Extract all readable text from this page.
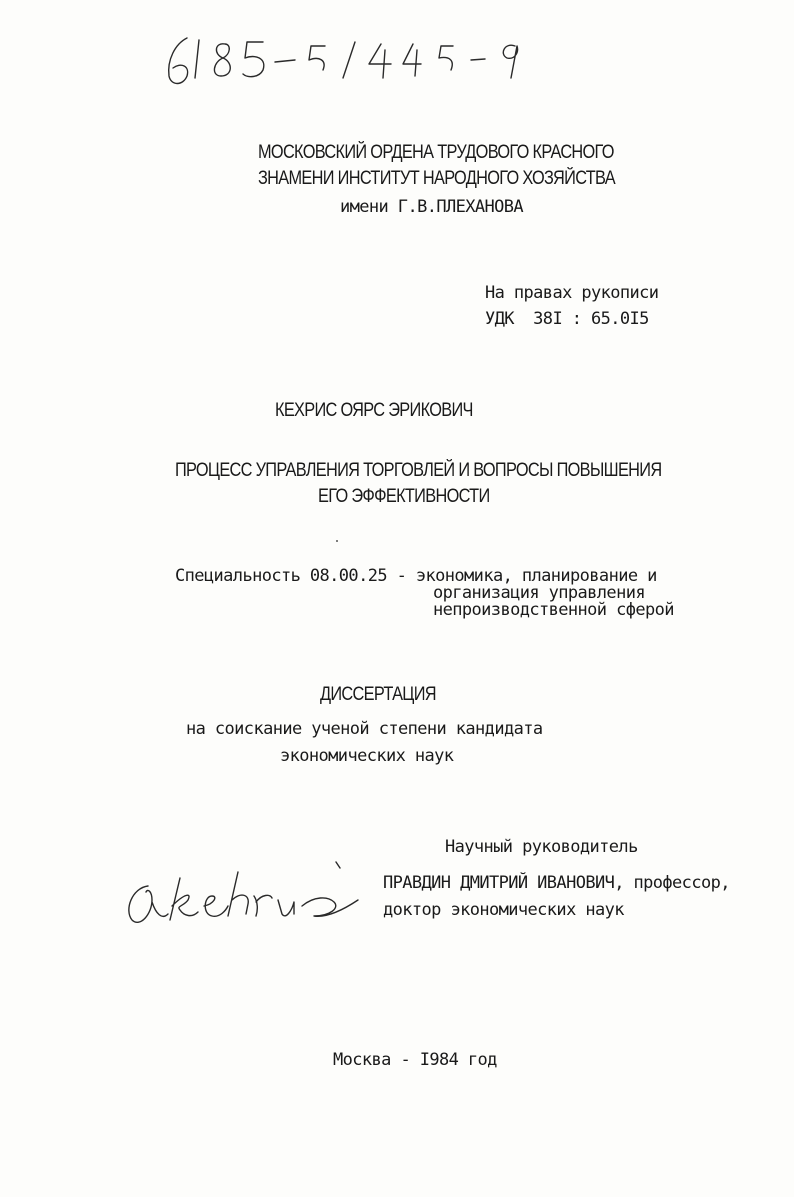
МОСКОВСКИЙ ОРДЕНА ТРУДОВОГО КРАСНОГО
ЗНАМЕНИ ИНСТИТУТ НАРОДНОГО ХОЗЯЙСТВА
имени Г.В.ПЛЕХАНОВА
На правах рукописи
УДК  38I : 65.0I5
КЕХРИС ОЯРС ЭРИКОВИЧ
ПРОЦЕСС УПРАВЛЕНИЯ ТОРГОВЛЕЙ И ВОПРОСЫ ПОВЫШЕНИЯ
ЕГО ЭФФЕКТИВНОСТИ
Специальность 08.00.25 - экономика, планирование и
организация управления
непроизводственной сферой
ДИССЕРТАЦИЯ
на соискание ученой степени кандидата
экономических наук
Научный руководитель
ПРАВДИН ДМИТРИЙ ИВАНОВИЧ, профессор,
доктор экономических наук
Москва - I984 год
